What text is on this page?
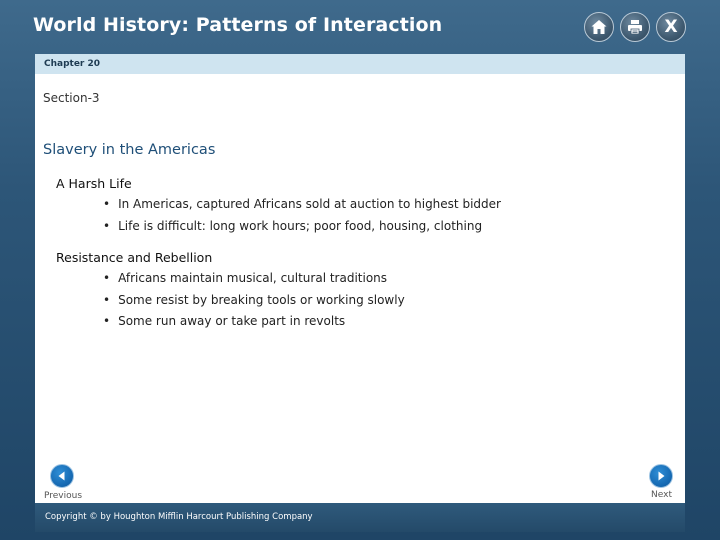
World History: Patterns of Interaction	X
Chapter 20
Section-3
Slavery in the Americas
A Harsh Life
• In Americas, captured Africans sold at auction to highest bidder
• Life is difficult: long work hours; poor food, housing, clothing
Resistance and Rebellion
• Africans maintain musical, cultural traditions
• Some resist by breaking tools or working slowly
• Some run away or take part in revolts
Previous	Next
Copyright © by Houghton Mifflin Harcourt Publishing Company
